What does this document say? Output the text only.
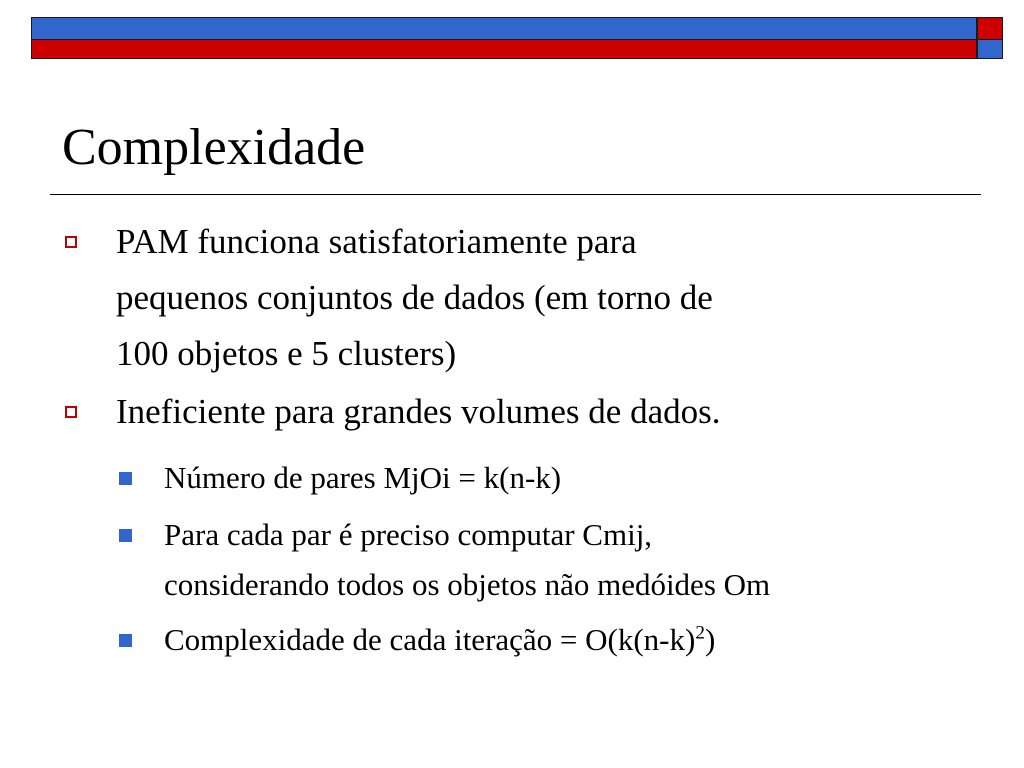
Complexidade
PAM funciona satisfatoriamente para
pequenos conjuntos de dados (em torno de
100 objetos e 5 clusters)
Ineficiente para grandes volumes de dados.
Número de pares MjOi = k(n-k)
Para cada par é preciso computar Cmij,
considerando todos os objetos não medóides Om
Complexidade de cada iteração = $O(k(n-k)^2)$
